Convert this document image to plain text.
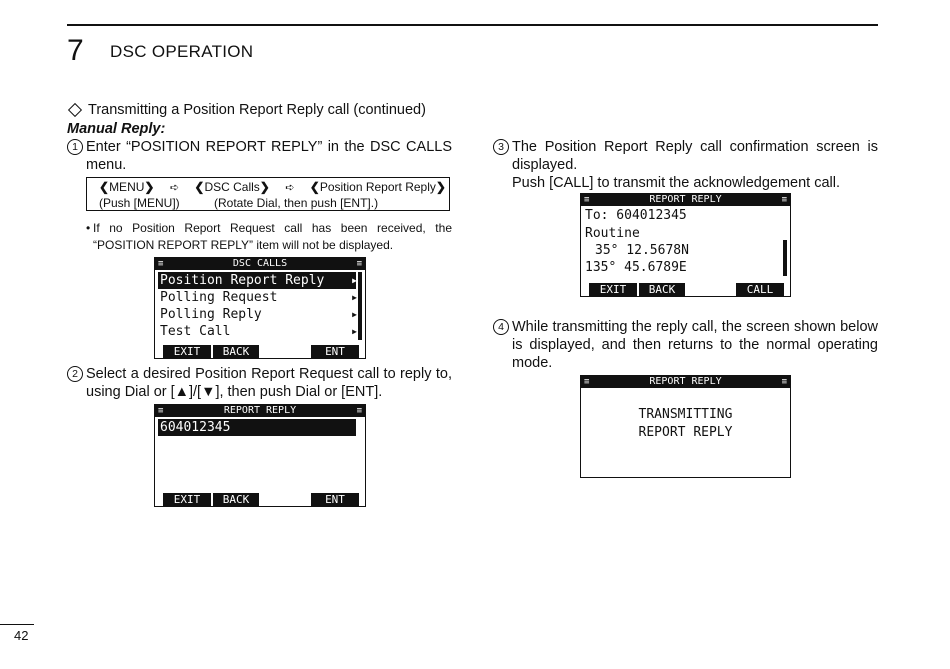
7 DSC OPERATION
Transmitting a Position Report Reply call (continued)
Manual Reply:
1 Enter “POSITION REPORT REPLY” in the DSC CALLS menu.
❮MENU❯ ➪ ❮DSC Calls❯ ➪ ❮Position Report Reply❯
(Push [MENU])	(Rotate Dial, then push [ENT].)
• If no Position Report Request call has been received, the “POSITION REPORT REPLY” item will not be displayed.
≡	DSC CALLS	≡
Position Report Reply	▶
Polling Request	▶
Polling Reply	▶
Test Call	▶
EXIT	BACK	ENT
2 Select a desired Position Report Request call to reply to, using Dial or [▲]/[▼], then push Dial or [ENT].
≡	REPORT REPLY	≡
604012345
EXIT	BACK	ENT
3 The Position Report Reply call confirmation screen is displayed.
Push [CALL] to transmit the acknowledgement call.
≡	REPORT REPLY	≡
To: 604012345
Routine
35° 12.5678N
135° 45.6789E
EXIT	BACK	CALL
4 While transmitting the reply call, the screen shown below is displayed, and then returns to the normal operating mode.
≡	REPORT REPLY	≡
TRANSMITTING
REPORT REPLY
42
